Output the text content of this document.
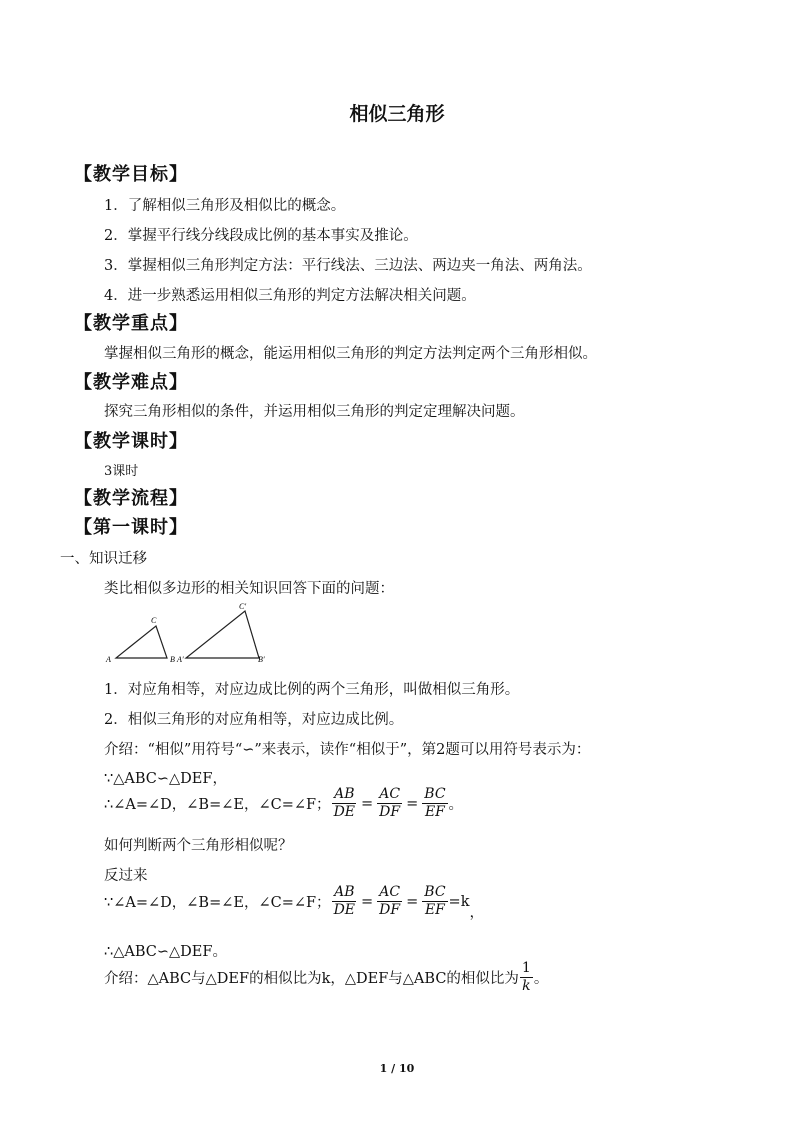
相似三角形
【教学目标】
1．了解相似三角形及相似比的概念。
2．掌握平行线分线段成比例的基本事实及推论。
3．掌握相似三角形判定方法：平行线法、三边法、两边夹一角法、两角法。
4．进一步熟悉运用相似三角形的判定方法解决相关问题。
【教学重点】
掌握相似三角形的概念，能运用相似三角形的判定方法判定两个三角形相似。
【教学难点】
探究三角形相似的条件，并运用相似三角形的判定定理解决问题。
【教学课时】
3课时
【教学流程】
【第一课时】
一、知识迁移
类比相似多边形的相关知识回答下面的问题：
A	B
C
A′	B′
C′
1．对应角相等，对应边成比例的两个三角形，叫做相似三角形。
2．相似三角形的对应角相等，对应边成比例。
介绍：“相似”用符号“∽”来表示，读作“相似于”，第2题可以用符号表示为：
∵△ABC∽△DEF，
∴∠A=∠D，∠B=∠E，∠C=∠F； $\frac{AB}{DE} = \frac{AC}{DF} = \frac{BC}{EF}$ 。
如何判断两个三角形相似呢？
反过来
∵∠A=∠D，∠B=∠E，∠C=∠F； $\frac{AB}{DE} = \frac{AC}{DF} = \frac{BC}{EF} =k$
，
∴△ABC∽△DEF。
介绍：△ABC与△DEF的相似比为k，△DEF与△ABC的相似比为 $\frac{1}{k}$ 。
1 / 10
